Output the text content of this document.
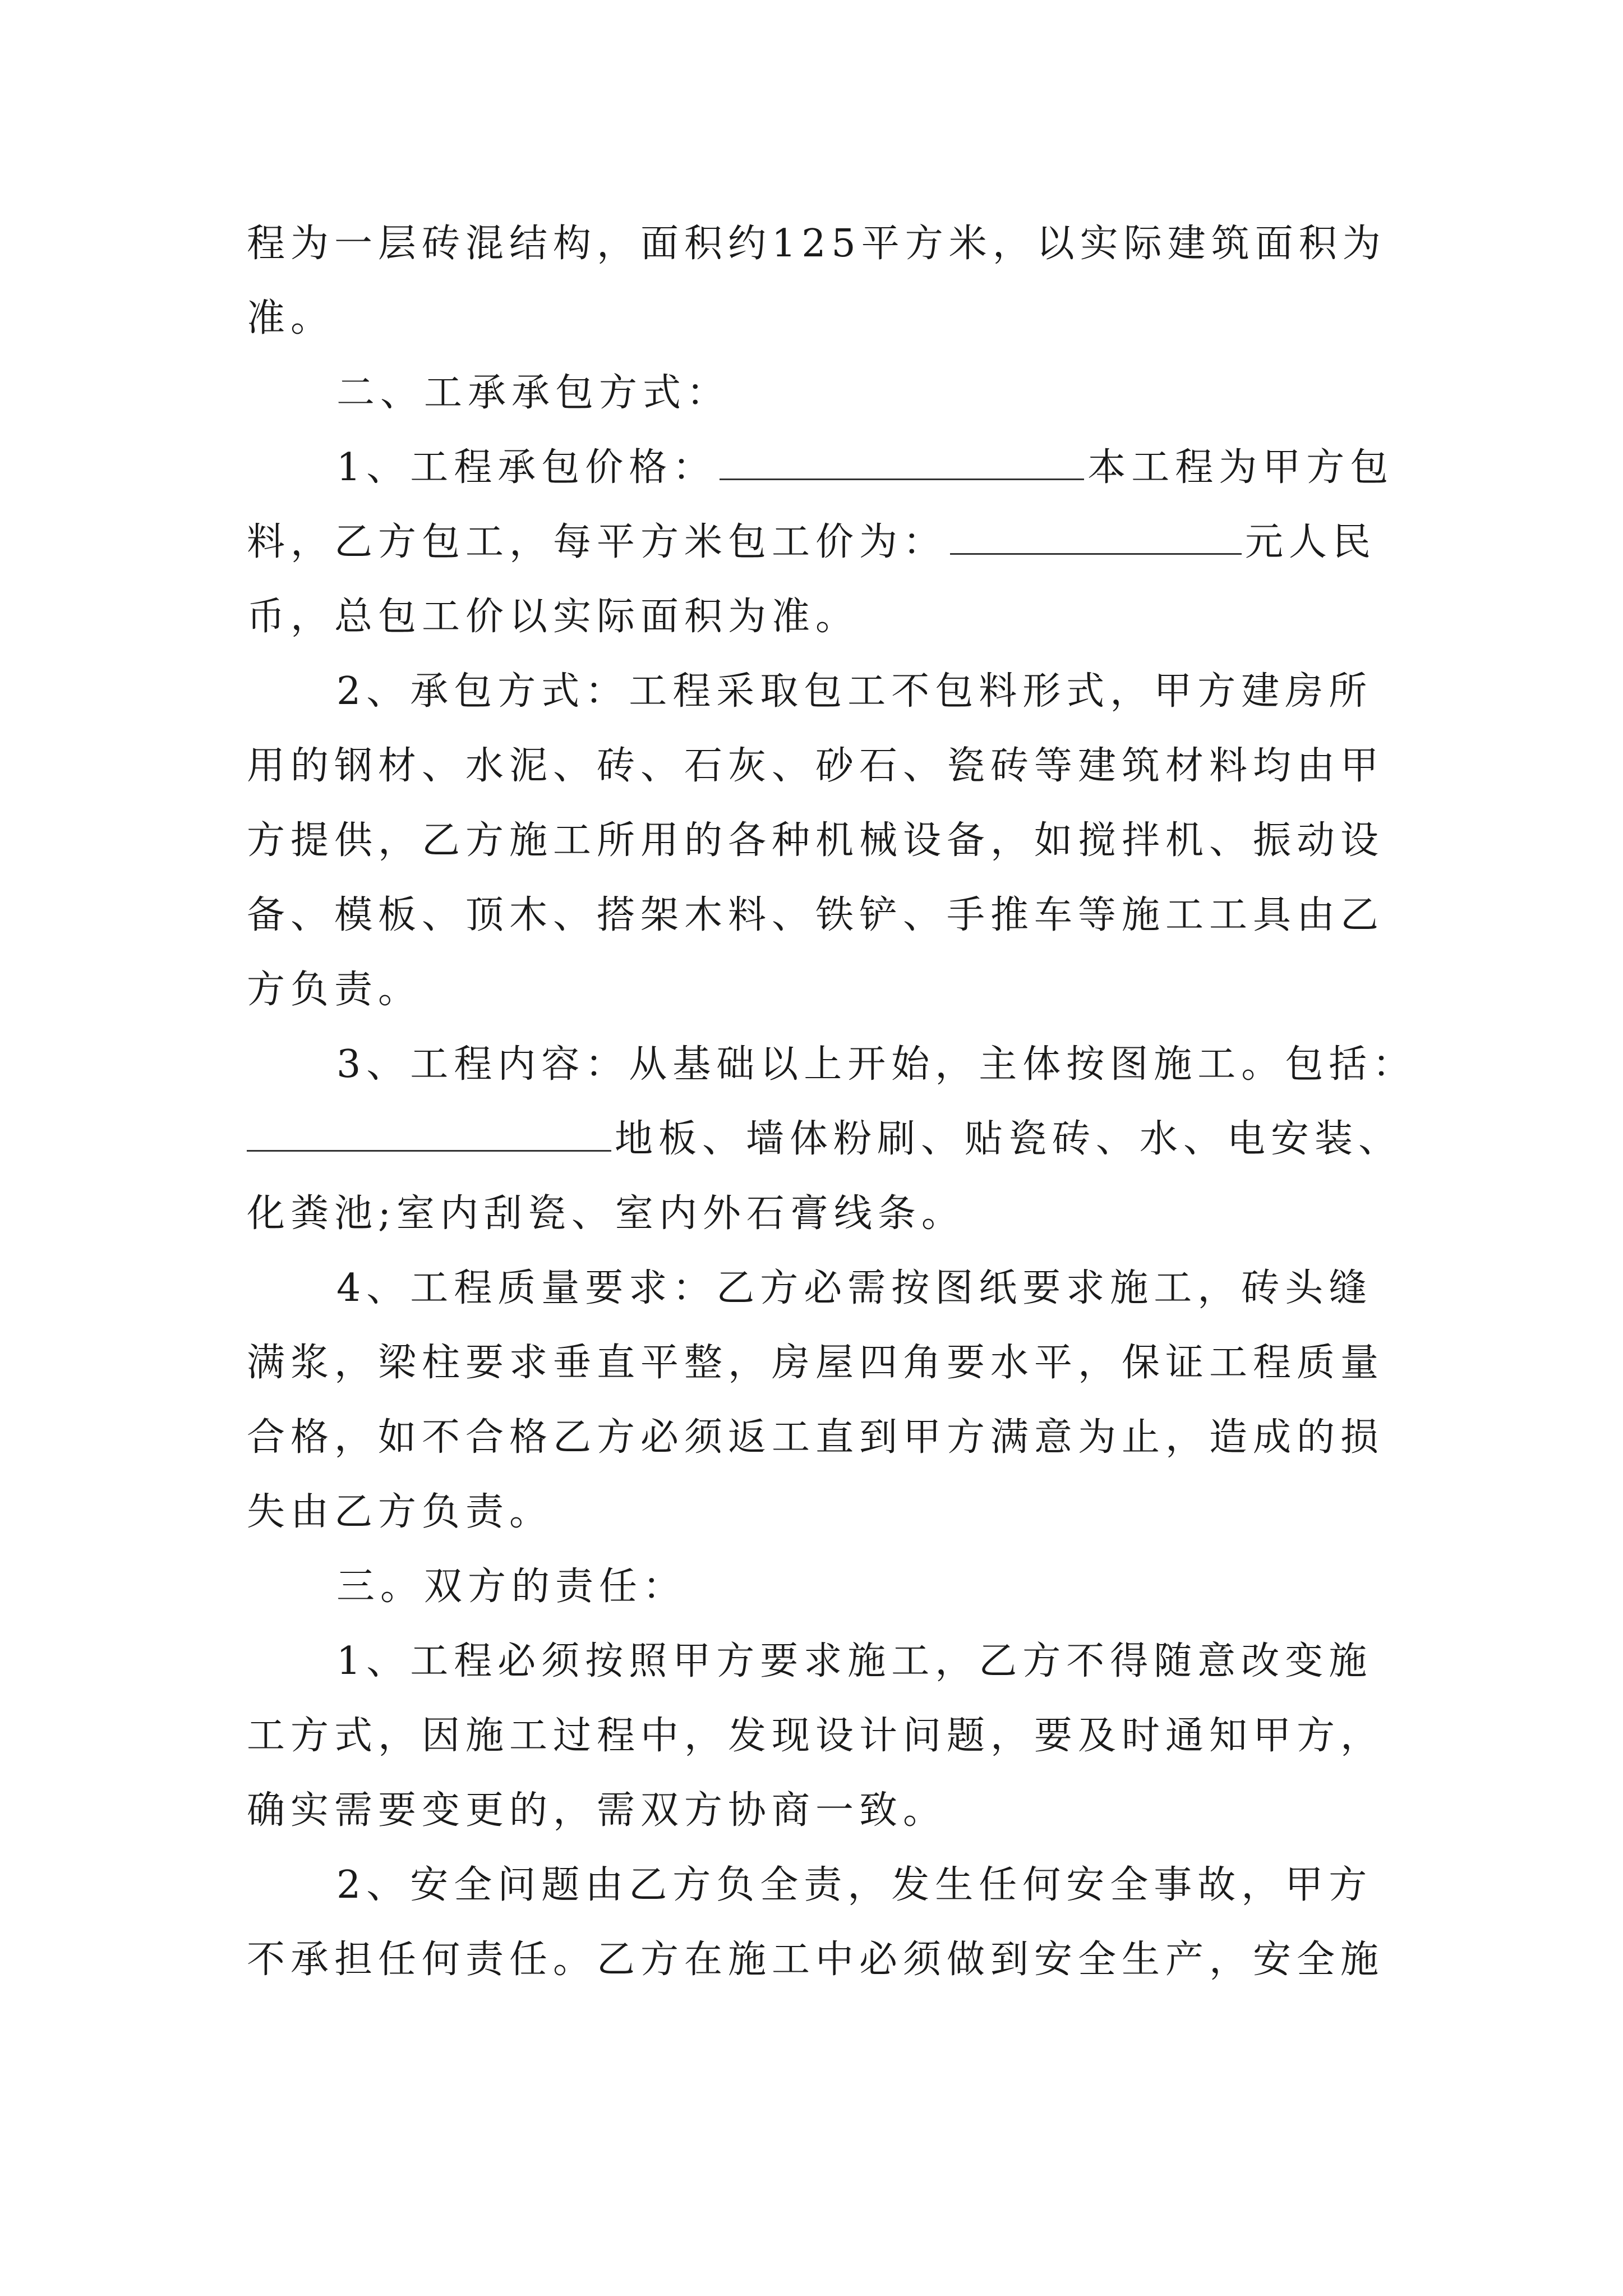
程为一层砖混结构，面积约125平方米，以实际建筑面积为
准。
二、工承承包方式：
1、工程承包价格：	本工程为甲方包
料，乙方包工，每平方米包工价为：	元人民
币，总包工价以实际面积为准。
2、承包方式：工程采取包工不包料形式，甲方建房所
用的钢材、水泥、砖、石灰、砂石、瓷砖等建筑材料均由甲
方提供，乙方施工所用的各种机械设备，如搅拌机、振动设
备、模板、顶木、搭架木料、铁铲、手推车等施工工具由乙
方负责。
3、工程内容：从基础以上开始，主体按图施工。包括：
地板、墙体粉刷、贴瓷砖、水、电安装、
化粪池;室内刮瓷、室内外石膏线条。
4、工程质量要求：乙方必需按图纸要求施工，砖头缝
满浆，梁柱要求垂直平整，房屋四角要水平，保证工程质量
合格，如不合格乙方必须返工直到甲方满意为止，造成的损
失由乙方负责。
三。双方的责任：
1、工程必须按照甲方要求施工，乙方不得随意改变施
工方式，因施工过程中，发现设计问题，要及时通知甲方，
确实需要变更的，需双方协商一致。
2、安全问题由乙方负全责，发生任何安全事故，甲方
不承担任何责任。乙方在施工中必须做到安全生产，安全施
